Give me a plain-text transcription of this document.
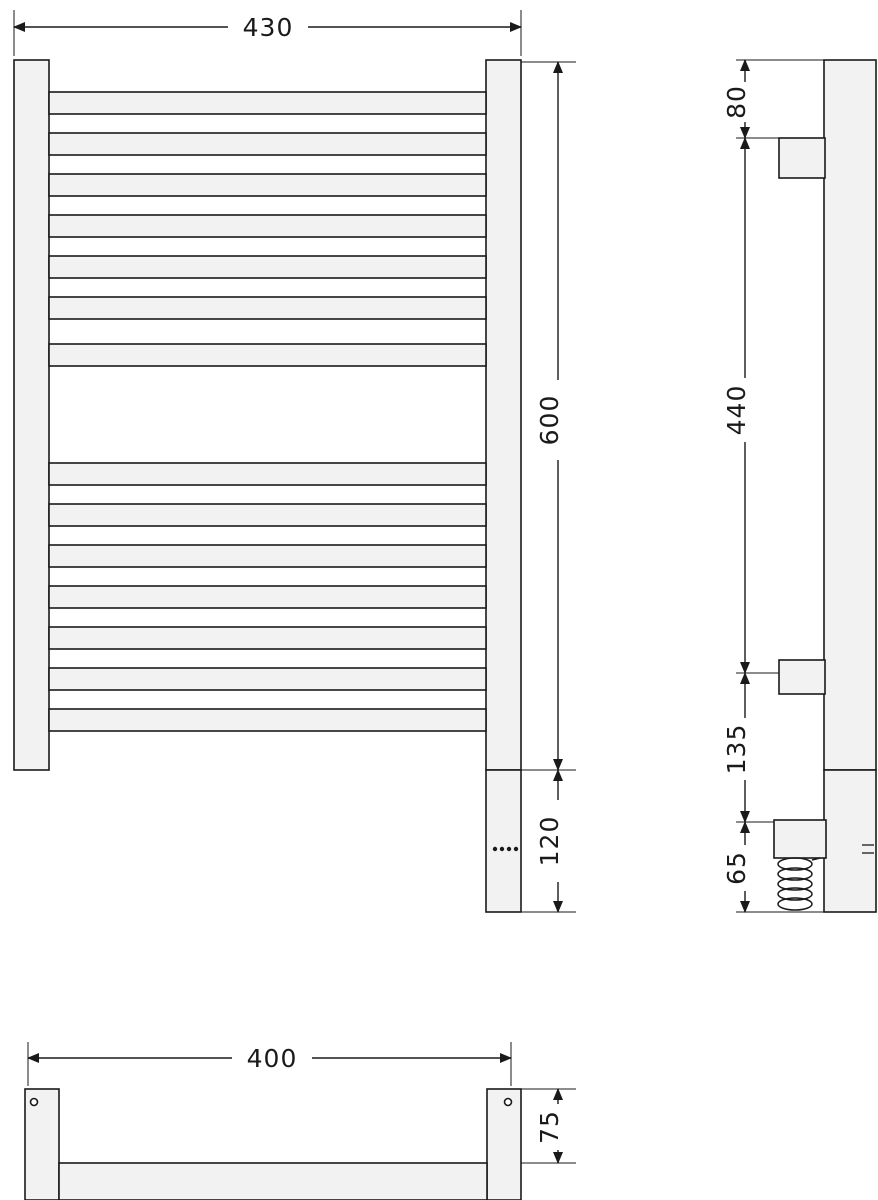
430
600
120
80
440
135
65
400
75
